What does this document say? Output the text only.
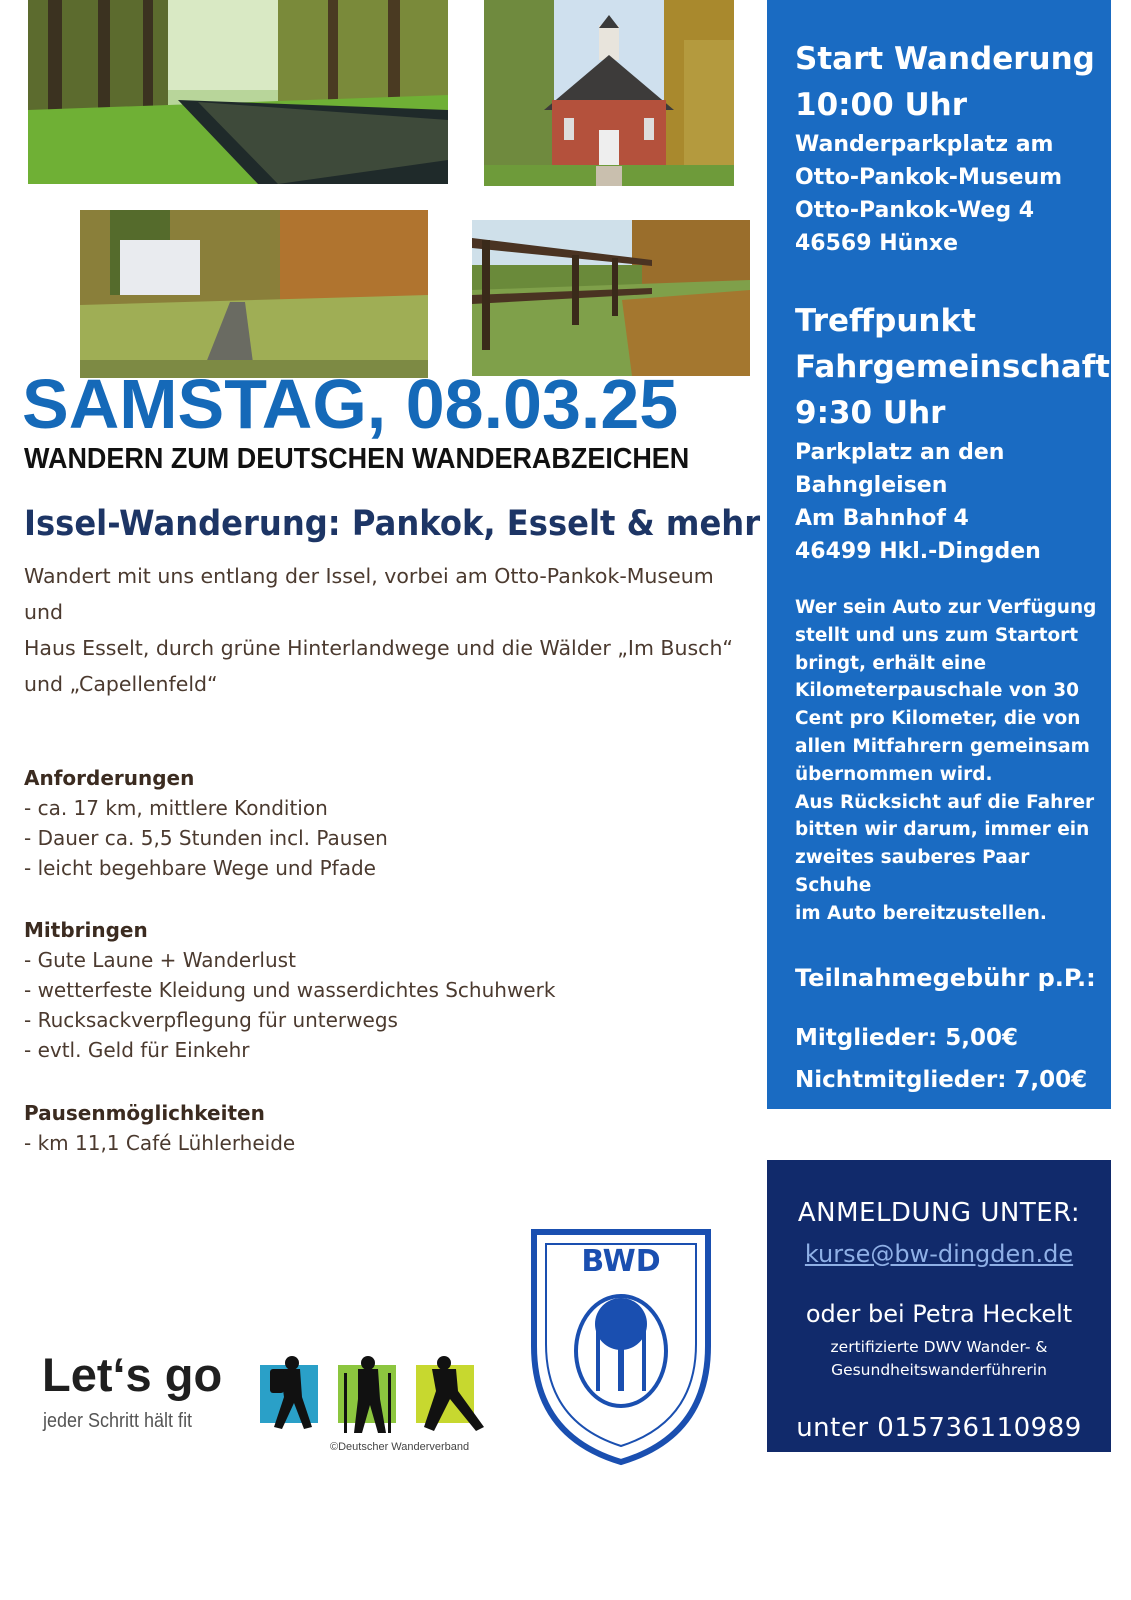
SAMSTAG, 08.03.25
WANDERN ZUM DEUTSCHEN WANDERABZEICHEN
Issel-Wanderung: Pankok, Esselt & mehr
Wandert mit uns entlang der Issel, vorbei am Otto-Pankok-Museum und
Haus Esselt, durch grüne Hinterlandwege und die Wälder „Im Busch“
und „Capellenfeld“
Anforderungen
- ca. 17 km, mittlere Kondition
- Dauer ca. 5,5 Stunden incl. Pausen
- leicht begehbare Wege und Pfade
Mitbringen
- Gute Laune + Wanderlust
- wetterfeste Kleidung und wasserdichtes Schuhwerk
- Rucksackverpflegung für unterwegs
- evtl. Geld für Einkehr
Pausenmöglichkeiten
- km 11,1 Café Lühlerheide
Start Wanderung
10:00 Uhr
Wanderparkplatz am
Otto-Pankok-Museum
Otto-Pankok-Weg 4
46569 Hünxe
Treffpunkt
Fahrgemeinschaft
9:30 Uhr
Parkplatz an den
Bahngleisen
Am Bahnhof 4
46499 Hkl.-Dingden
Wer sein Auto zur Verfügung
stellt und uns zum Startort
bringt, erhält eine
Kilometerpauschale von 30
Cent pro Kilometer, die von
allen Mitfahrern gemeinsam
übernommen wird.
Aus Rücksicht auf die Fahrer
bitten wir darum, immer ein
zweites sauberes Paar Schuhe
im Auto bereitzustellen.
Teilnahmegebühr p.P.:
Mitglieder: 5,00€
Nichtmitglieder: 7,00€
ANMELDUNG UNTER:
kurse@bw-dingden.de
oder bei Petra Heckelt
zertifizierte DWV Wander- & Gesundheitswanderführerin
unter 015736110989
Let‘s go
jeder Schritt hält fit
©Deutscher Wanderverband
BWD
